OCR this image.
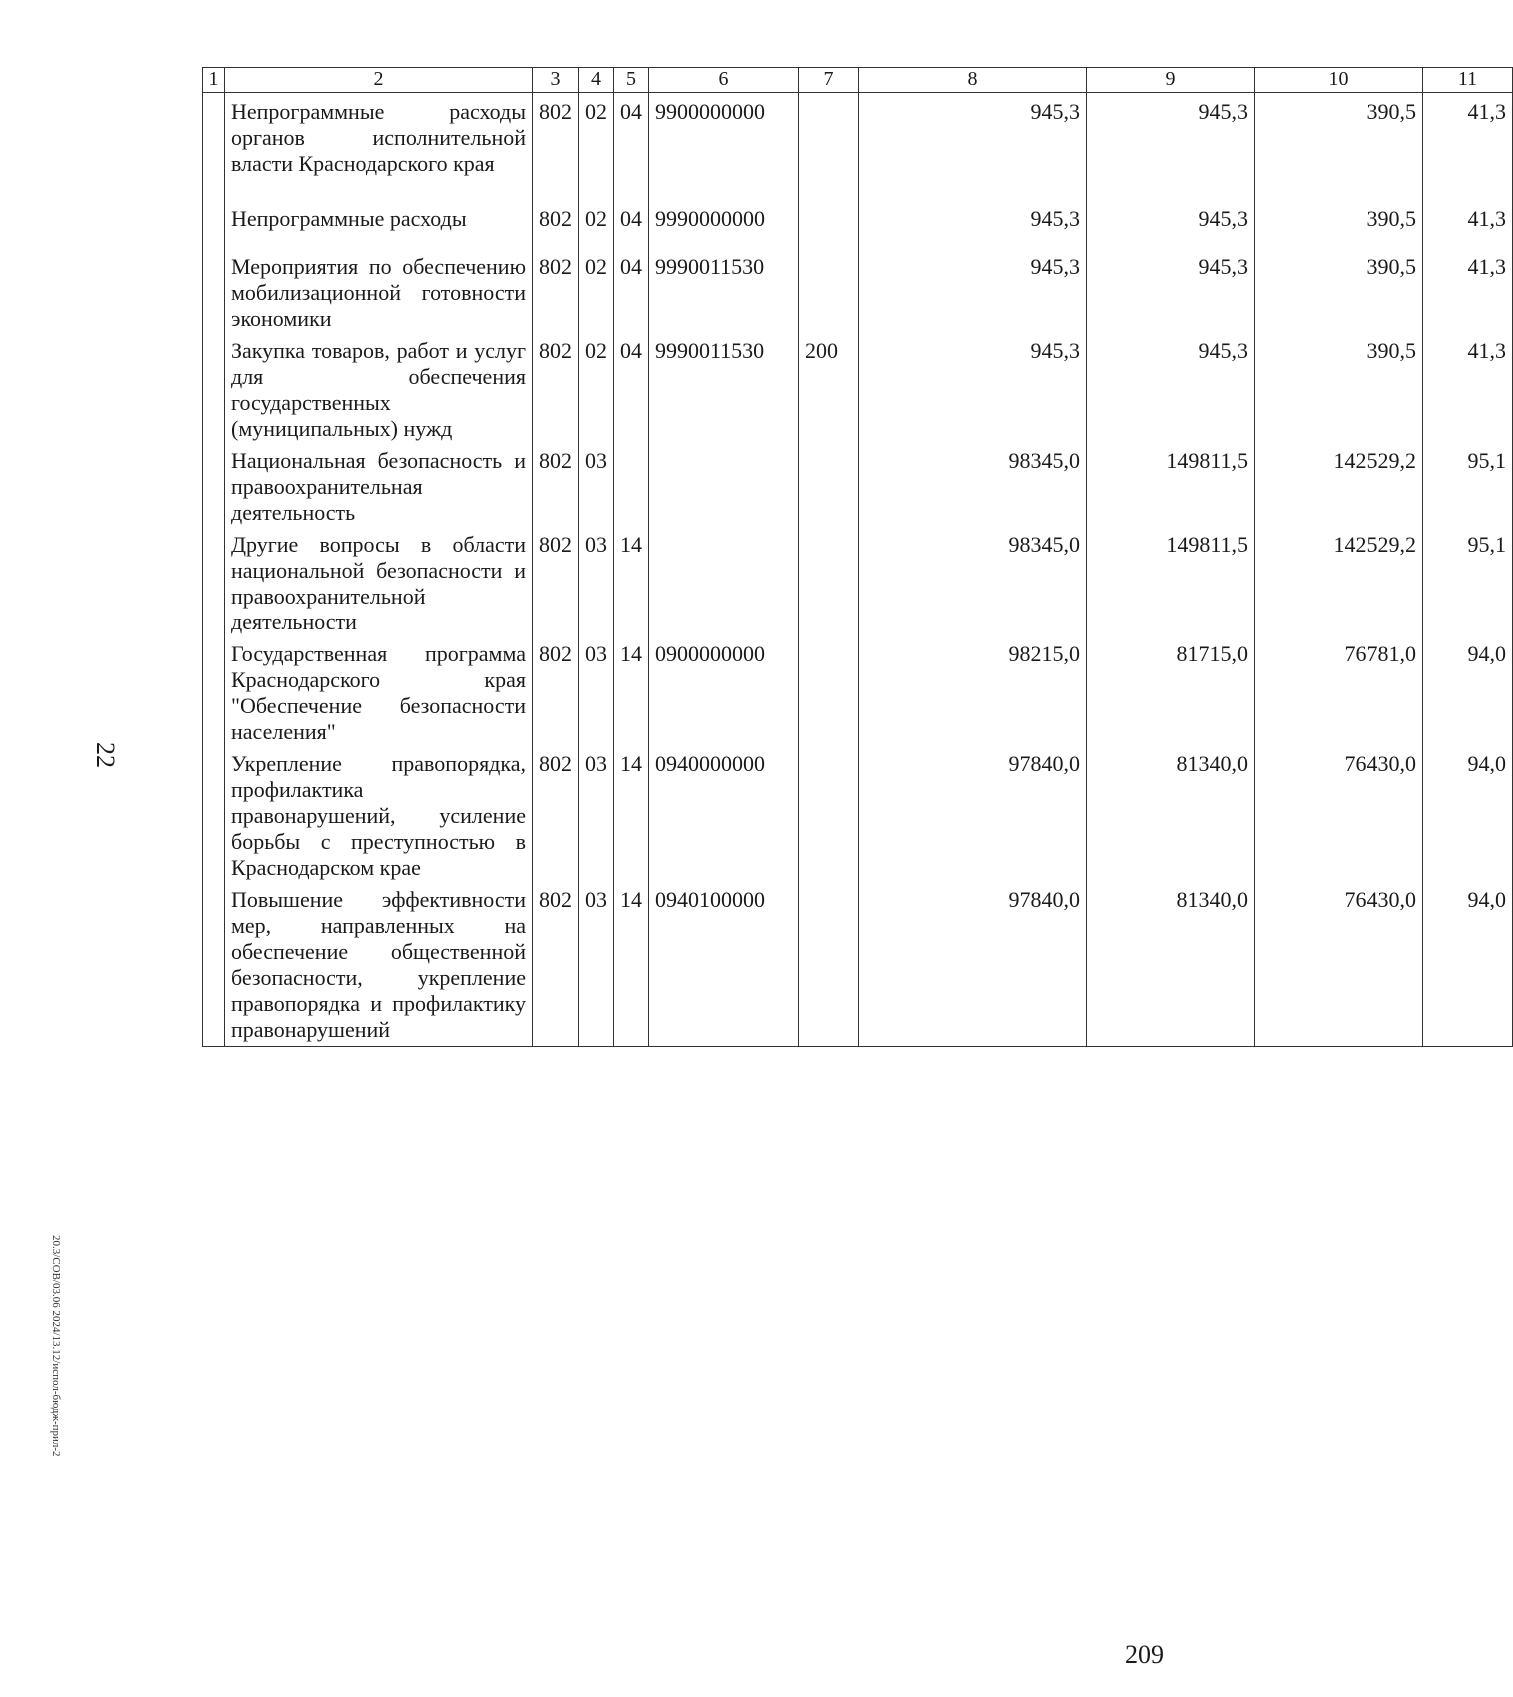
22
1	2	3	4	5	6	7	8	9	10	11
	Непрограммные расходы органов исполнительной власти Краснодарского края	802	02	04	9900000000		945,3	945,3	390,5	41,3
	Непрограммные расходы	802	02	04	9990000000		945,3	945,3	390,5	41,3
	Мероприятия по обеспечению мобилизационной готовности экономики	802	02	04	9990011530		945,3	945,3	390,5	41,3
	Закупка товаров, работ и услуг для обеспечения государственных (муниципальных) нужд	802	02	04	9990011530	200	945,3	945,3	390,5	41,3
	Национальная безопасность и правоохранительная деятельность	802	03				98345,0	149811,5	142529,2	95,1
	Другие вопросы в области национальной безопасности и правоохранительной деятельности	802	03	14			98345,0	149811,5	142529,2	95,1
	Государственная программа Краснодарского края "Обеспечение безопасности населения"	802	03	14	0900000000		98215,0	81715,0	76781,0	94,0
	Укрепление правопорядка, профилактика правонарушений, усиление борьбы с преступностью в Краснодарском крае	802	03	14	0940000000		97840,0	81340,0	76430,0	94,0
	Повышение эффективности мер, направленных на обеспечение общественной безопасности, укрепление правопорядка и профилактику правонарушений	802	03	14	0940100000		97840,0	81340,0	76430,0	94,0
20.3/СОВ/03.06 2024/13.12/испол-бюдж-прил-2
209
